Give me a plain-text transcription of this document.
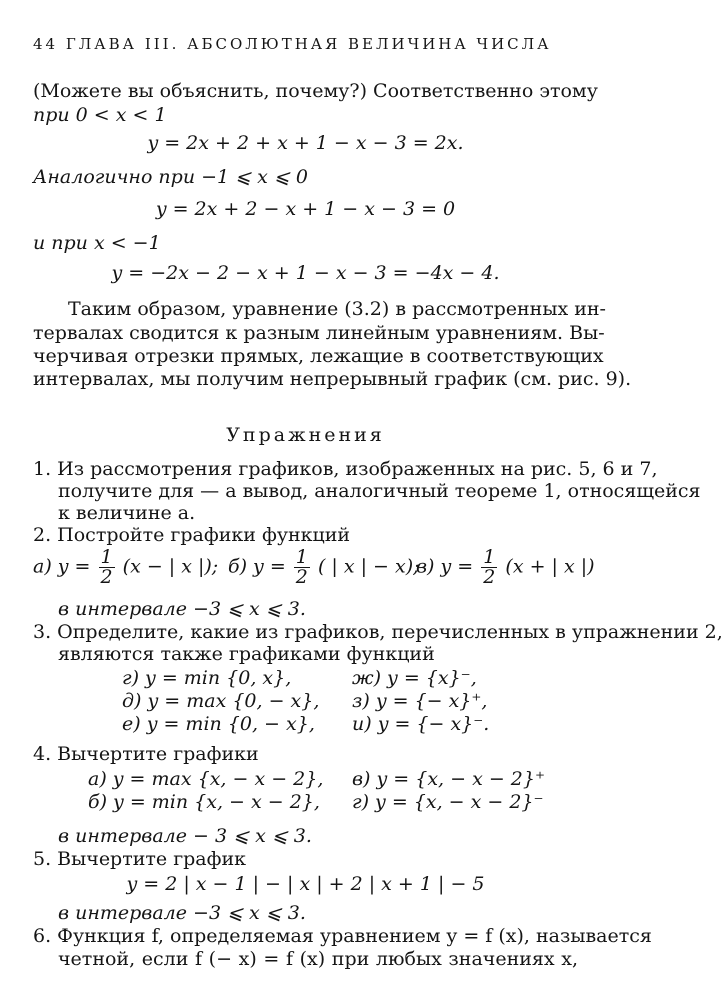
44 ГЛАВА III. АБСОЛЮТНАЯ ВЕЛИЧИНА ЧИСЛА
(Можете вы объяснить, почему?) Соответственно этому
при 0 < x < 1
y = 2x + 2 + x + 1 − x − 3 = 2x.
Аналогично при −1 ⩽ x ⩽ 0
y = 2x + 2 − x + 1 − x − 3 = 0
и при x < −1
y = −2x − 2 − x + 1 − x − 3 = −4x − 4.
Таким образом, уравнение (3.2) в рассмотренных ин-
тервалах сводится к разным линейным уравнениям. Вы-
черчивая отрезки прямых, лежащие в соответствующих
интервалах, мы получим непрерывный график (см. рис. 9).
Упражнения
1. Из рассмотрения графиков, изображенных на рис. 5, 6 и 7,
получите для — a вывод, аналогичный теореме 1, относящейся
к величине a.
2. Постройте графики функций
а) $y = \frac{1}{2} (x$ − | x |); б) $y = \frac{1}{2}$ ( | x | − x);
в) $y = \frac{1}{2} (x$ + | x |)
в интервале −3 ⩽ x ⩽ 3.
3. Определите, какие из графиков, перечисленных в упражнении 2,
являются также графиками функций
г) y = min {0, x},
д) y = max {0, − x},
е) y = min {0, − x},
ж) y = {x}⁻,
з) y = {− x}⁺,
и) y = {− x}⁻.
4. Вычертите графики
а) y = max {x, − x − 2},
б) y = min {x, − x − 2},
в) y = {x, − x − 2}⁺
г) y = {x, − x − 2}⁻
в интервале − 3 ⩽ x ⩽ 3.
5. Вычертите график
y = 2 | x − 1 | − | x | + 2 | x + 1 | − 5
в интервале −3 ⩽ x ⩽ 3.
6. Функция f, определяемая уравнением y = f (x), называется
четной, если f (− x) = f (x) при любых значениях x,
